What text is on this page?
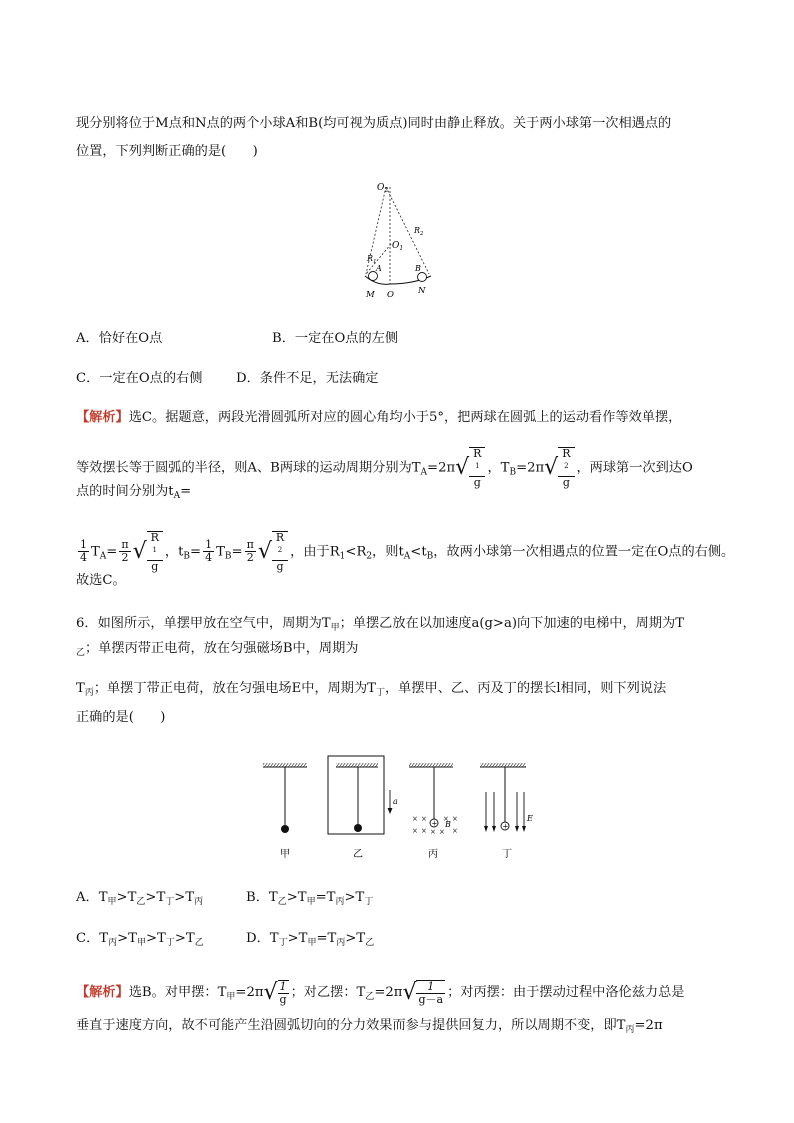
现分别将位于M点和N点的两个小球A和B(均可视为质点)同时由静止释放。关于两小球第一次相遇点的
位置，下列判断正确的是(　　)
$O_2$
$O_1$
$R_1$
$R_2$
A	B
M O	N
A．恰好在O点	B．一定在O点的左侧
C．一定在O点的右侧	D．条件不足，无法确定
【解析】选C。据题意，两段光滑圆弧所对应的圆心角均小于5°，把两球在圆弧上的运动看作等效单摆，
等效摆长等于圆弧的半径，则A、B两球的运动周期分别为$T_A=2\pi√$ R
$^1$
g ，$T_B=2\pi√$ R
$^2$
g ，两球第一次到达O
点的时间分别为$t_A=$
$\frac{1}{4} T_A= \frac{\pi}{2}$ √ R
$^1$
g ，$t_B= \frac{1}{4} T_B= \frac{\pi}{2}$ √ R
$^2$
g ，由于$R_1<R_2$，则$t_A<t_B$，故两小球第一次相遇点的位置一定在O点的右侧。
故选C。
6．如图所示，单摆甲放在空气中，周期为$T_甲$；单摆乙放在以加速度a(g>a)向下加速的电梯中，周期为T
$_乙$；单摆丙带正电荷，放在匀强磁场B中，周期为
$T_丙$；单摆丁带正电荷，放在匀强电场E中，周期为$T_丁$，单摆甲、乙、丙及丁的摆长l相同，则下列说法
正确的是(　　)
a
+
× × × ×
× × × × ×
B	+
E
甲	乙	丙	丁
A．$T_甲>T_乙>T_丁>T_丙$	B．$T_乙>T_甲=T_丙>T_丁$
C．$T_丙>T_甲>T_丁>T_乙$	D．$T_丁>T_甲=T_丙>T_乙$
【解析】选B。对甲摆：$T_甲=2\pi√ \frac{1}{g}$ ；对乙摆：$T_乙=2\pi√ \frac{1}{g-a}$ ；对丙摆：由于摆动过程中洛伦兹力总是
垂直于速度方向，故不可能产生沿圆弧切向的分力效果而参与提供回复力，所以周期不变，即$T_丙=2\pi$
